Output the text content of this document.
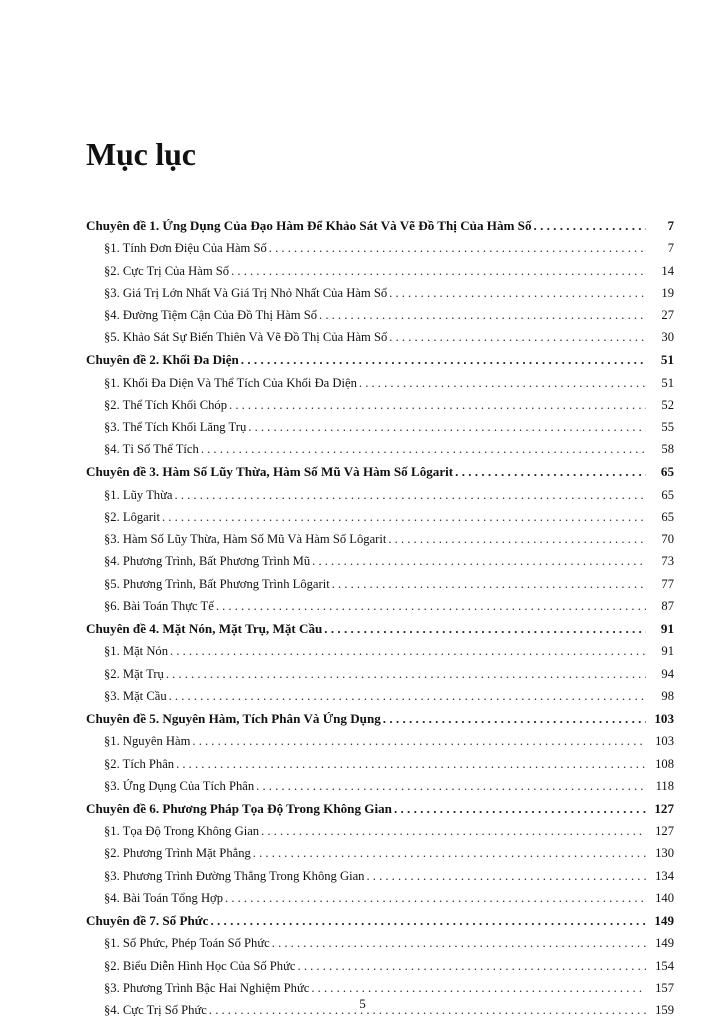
Mục lục
Chuyên đề 1. Ứng Dụng Của Đạo Hàm Để Khảo Sát Và Vẽ Đồ Thị Của Hàm Số . . .	7
§1. Tính Đơn Điệu Của Hàm Số . . .	7
§2. Cực Trị Của Hàm Số . . .	14
§3. Giá Trị Lớn Nhất Và Giá Trị Nhỏ Nhất Của Hàm Số . . .	19
§4. Đường Tiệm Cận Của Đồ Thị Hàm Số . . .	27
§5. Khảo Sát Sự Biến Thiên Và Vẽ Đồ Thị Của Hàm Số . . .	30
Chuyên đề 2. Khối Đa Diện . . .	51
§1. Khối Đa Diện Và Thể Tích Của Khối Đa Diện . . .	51
§2. Thể Tích Khối Chóp . . .	52
§3. Thể Tích Khối Lăng Trụ . . .	55
§4. Tỉ Số Thể Tích . . .	58
Chuyên đề 3. Hàm Số Lũy Thừa, Hàm Số Mũ Và Hàm Số Lôgarit . . .	65
§1. Lũy Thừa . . .	65
§2. Lôgarit . . .	65
§3. Hàm Số Lũy Thừa, Hàm Số Mũ Và Hàm Số Lôgarit . . .	70
§4. Phương Trình, Bất Phương Trình Mũ . . .	73
§5. Phương Trình, Bất Phương Trình Lôgarit . . .	77
§6. Bài Toán Thực Tế . . .	87
Chuyên đề 4. Mặt Nón, Mặt Trụ, Mặt Cầu . . .	91
§1. Mặt Nón . . .	91
§2. Mặt Trụ . . .	94
§3. Mặt Cầu . . .	98
Chuyên đề 5. Nguyên Hàm, Tích Phân Và Ứng Dụng . . .	103
§1. Nguyên Hàm . . .	103
§2. Tích Phân . . .	108
§3. Ứng Dụng Của Tích Phân . . .	118
Chuyên đề 6. Phương Pháp Tọa Độ Trong Không Gian . . .	127
§1. Tọa Độ Trong Không Gian . . .	127
§2. Phương Trình Mặt Phẳng . . .	130
§3. Phương Trình Đường Thẳng Trong Không Gian . . .	134
§4. Bài Toán Tổng Hợp . . .	140
Chuyên đề 7. Số Phức . . .	149
§1. Số Phức, Phép Toán Số Phức . . .	149
§2. Biểu Diễn Hình Học Của Số Phức . . .	154
§3. Phương Trình Bậc Hai Nghiệm Phức . . .	157
§4. Cực Trị Số Phức . . .	159
5
